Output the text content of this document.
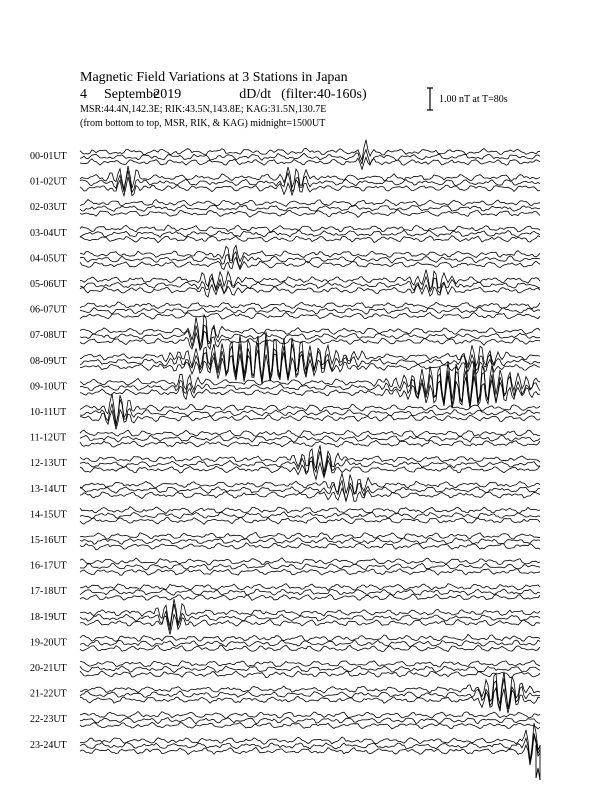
Magnetic Field Variations at 3 Stations in Japan
4 Septembe2019	dD/dt (filter:40-160s)
MSR:44.4N,142.3E; RIK:43.5N,143.8E; KAG:31.5N,130.7E
(from bottom to top, MSR, RIK, & KAG) midnight=1500UT
1.00 nT at T=80s
00-01UT
01-02UT
02-03UT
03-04UT
04-05UT
05-06UT
06-07UT
07-08UT
08-09UT
09-10UT
10-11UT
11-12UT
12-13UT
13-14UT
14-15UT
15-16UT
16-17UT
17-18UT
18-19UT
19-20UT
20-21UT
21-22UT
22-23UT
23-24UT
